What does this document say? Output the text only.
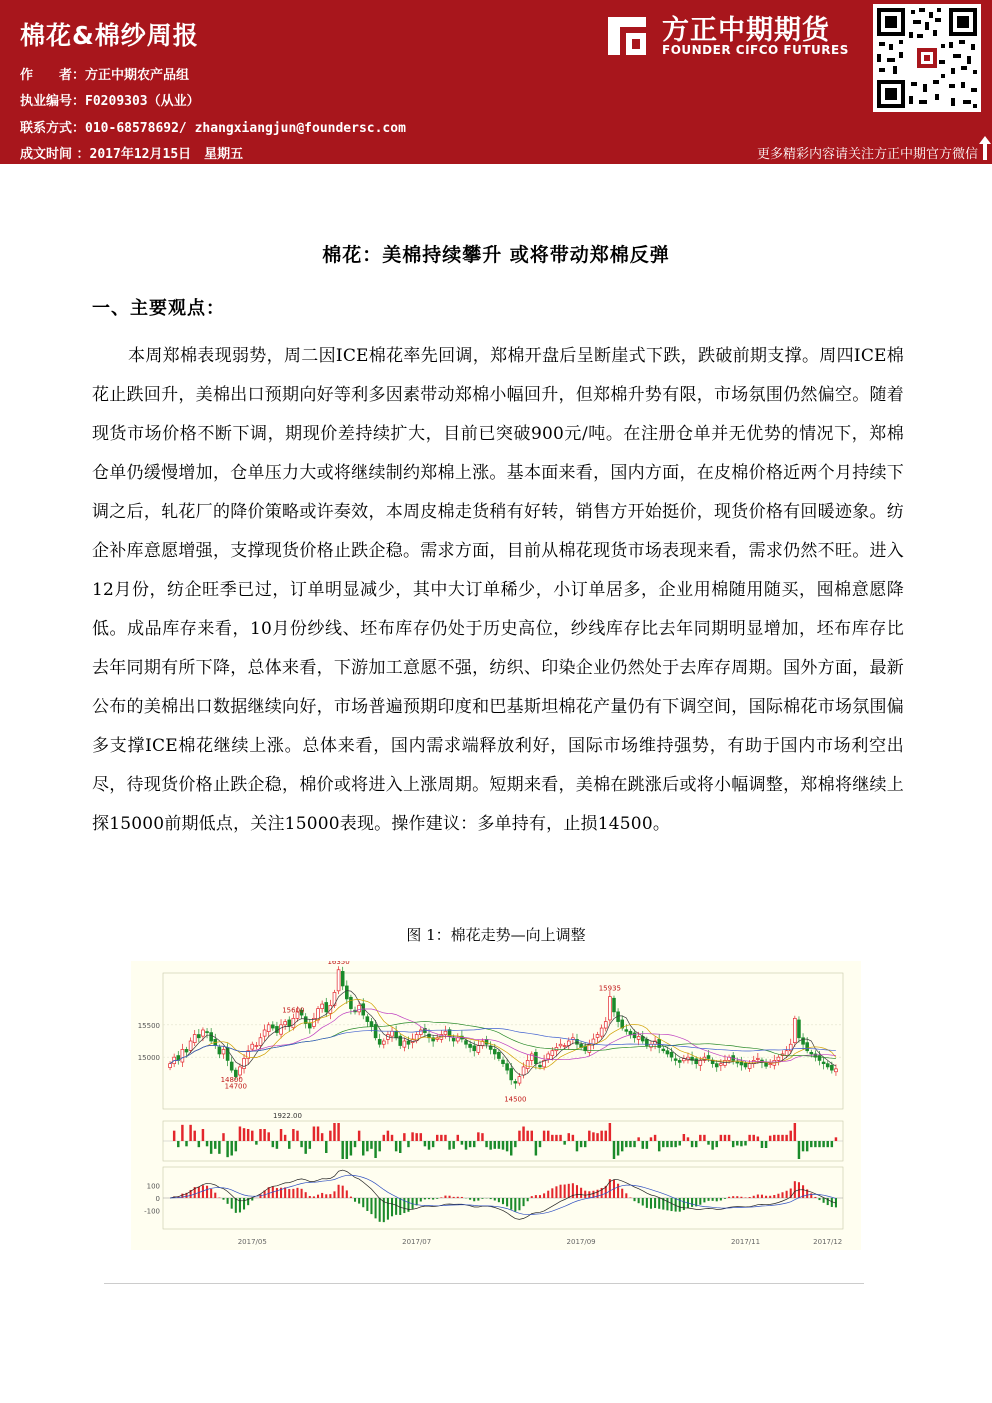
棉花&棉纱周报
作　　者：方正中期农产品组
执业编号：F0209303（从业）
联系方式：010-68578692/ zhangxiangjun@foundersc.com
成文时间 ：2017年12月15日　星期五
方正中期期货
FOUNDER CIFCO FUTURES
更多精彩内容请关注方正中期官方微信
棉花：美棉持续攀升 或将带动郑棉反弹
一、主要观点：
本周郑棉表现弱势，周二因ICE棉花率先回调，郑棉开盘后呈断崖式下跌，跌破前期支撑。周四ICE棉花止跌回升，美棉出口预期向好等利多因素带动郑棉小幅回升，但郑棉升势有限，市场氛围仍然偏空。随着现货市场价格不断下调，期现价差持续扩大，目前已突破900元/吨。在注册仓单并无优势的情况下，郑棉仓单仍缓慢增加，仓单压力大或将继续制约郑棉上涨。基本面来看，国内方面，在皮棉价格近两个月持续下调之后，轧花厂的降价策略或许奏效，本周皮棉走货稍有好转，销售方开始挺价，现货价格有回暖迹象。纺企补库意愿增强，支撑现货价格止跌企稳。需求方面，目前从棉花现货市场表现来看，需求仍然不旺。进入12月份，纺企旺季已过，订单明显减少，其中大订单稀少，小订单居多，企业用棉随用随买，囤棉意愿降低。成品库存来看，10月份纱线、坯布库存仍处于历史高位，纱线库存比去年同期明显增加，坯布库存比去年同期有所下降，总体来看，下游加工意愿不强，纺织、印染企业仍然处于去库存周期。国外方面，最新公布的美棉出口数据继续向好，市场普遍预期印度和巴基斯坦棉花产量仍有下调空间，国际棉花市场氛围偏多支撑ICE棉花继续上涨。总体来看，国内需求端释放利好，国际市场维持强势，有助于国内市场利空出尽，待现货价格止跌企稳，棉价或将进入上涨周期。短期来看，美棉在跳涨后或将小幅调整，郑棉将继续上探15000前期低点，关注15000表现。操作建议：多单持有，止损14500。
图 1：棉花走势—向上调整
15500
15000
1922.00
100
0
-100
2017/05	2017/07	2017/09	2017/11	2017/12
16350
14700
15935
15600
14800
14500
